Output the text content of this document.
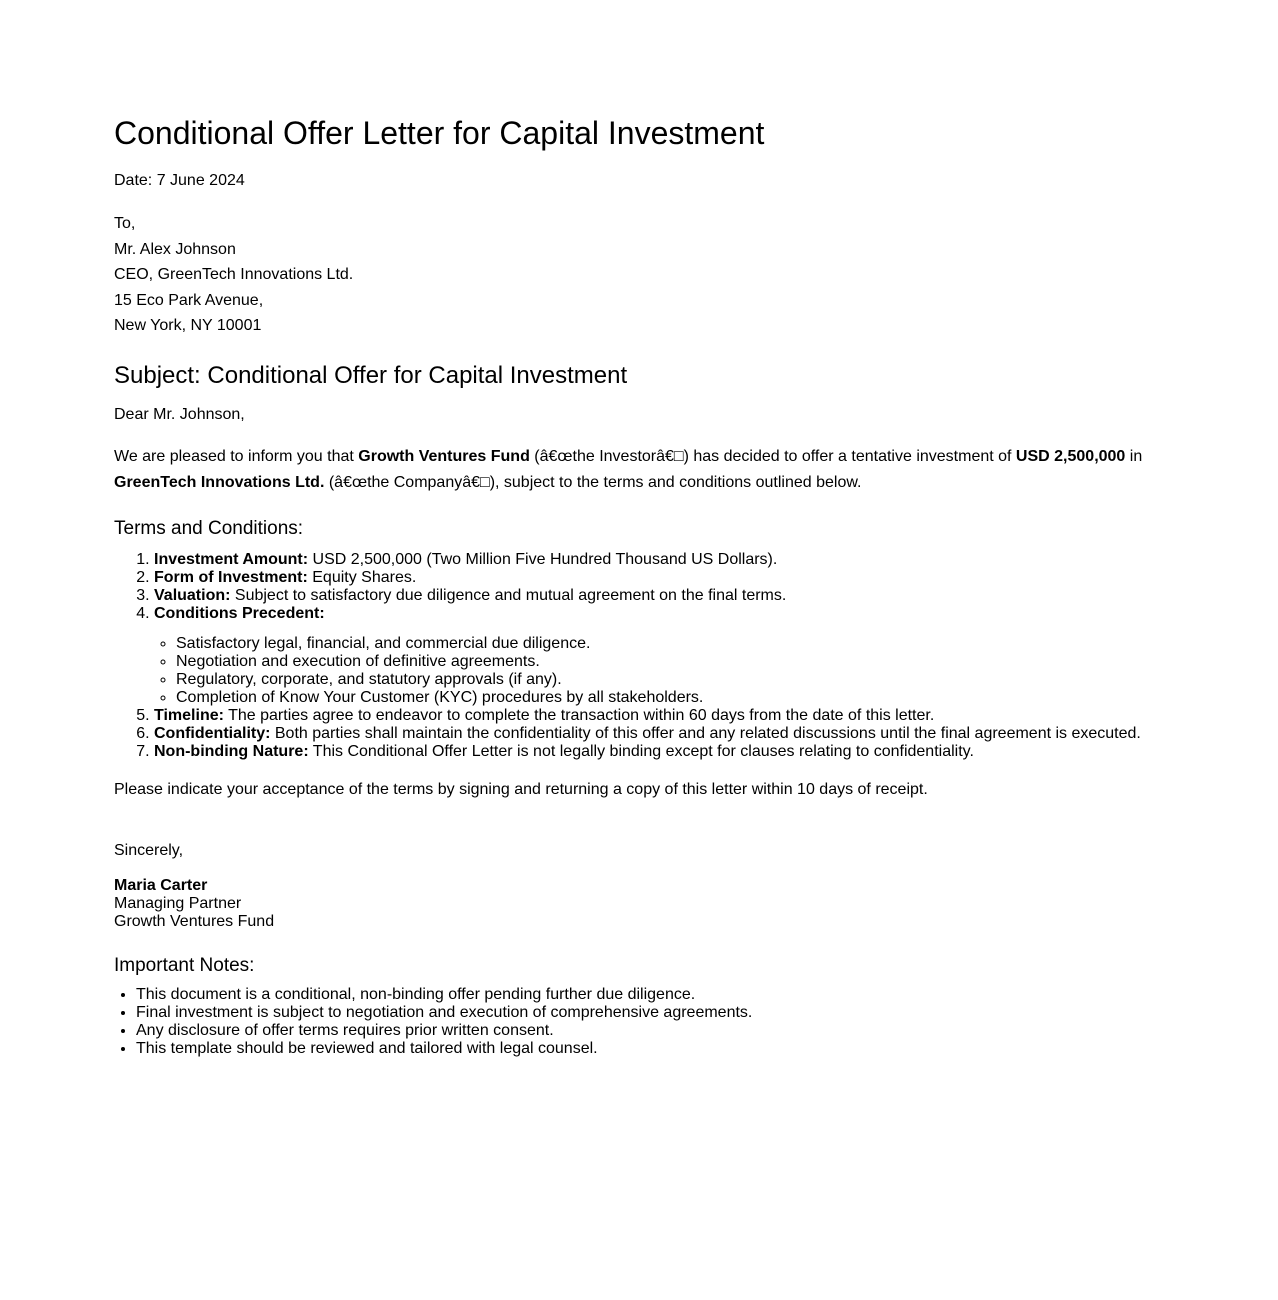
Conditional Offer Letter for Capital Investment
Date: 7 June 2024
To,
Mr. Alex Johnson
CEO, GreenTech Innovations Ltd.
15 Eco Park Avenue,
New York, NY 10001
Subject: Conditional Offer for Capital Investment
Dear Mr. Johnson,
We are pleased to inform you that Growth Ventures Fund (â€œthe Investorâ€□) has decided to offer a tentative investment of USD 2,500,000 in GreenTech Innovations Ltd. (â€œthe Companyâ€□), subject to the terms and conditions outlined below.
Terms and Conditions:
1. Investment Amount: USD 2,500,000 (Two Million Five Hundred Thousand US Dollars).
2. Form of Investment: Equity Shares.
3. Valuation: Subject to satisfactory due diligence and mutual agreement on the final terms.
4. Conditions Precedent:
◦ Satisfactory legal, financial, and commercial due diligence.
◦ Negotiation and execution of definitive agreements.
◦ Regulatory, corporate, and statutory approvals (if any).
◦ Completion of Know Your Customer (KYC) procedures by all stakeholders.
5. Timeline: The parties agree to endeavor to complete the transaction within 60 days from the date of this letter.
6. Confidentiality: Both parties shall maintain the confidentiality of this offer and any related discussions until the final agreement is executed.
7. Non-binding Nature: This Conditional Offer Letter is not legally binding except for clauses relating to confidentiality.
Please indicate your acceptance of the terms by signing and returning a copy of this letter within 10 days of receipt.
Sincerely,
Maria Carter
Managing Partner
Growth Ventures Fund
Important Notes:
• This document is a conditional, non-binding offer pending further due diligence.
• Final investment is subject to negotiation and execution of comprehensive agreements.
• Any disclosure of offer terms requires prior written consent.
• This template should be reviewed and tailored with legal counsel.
